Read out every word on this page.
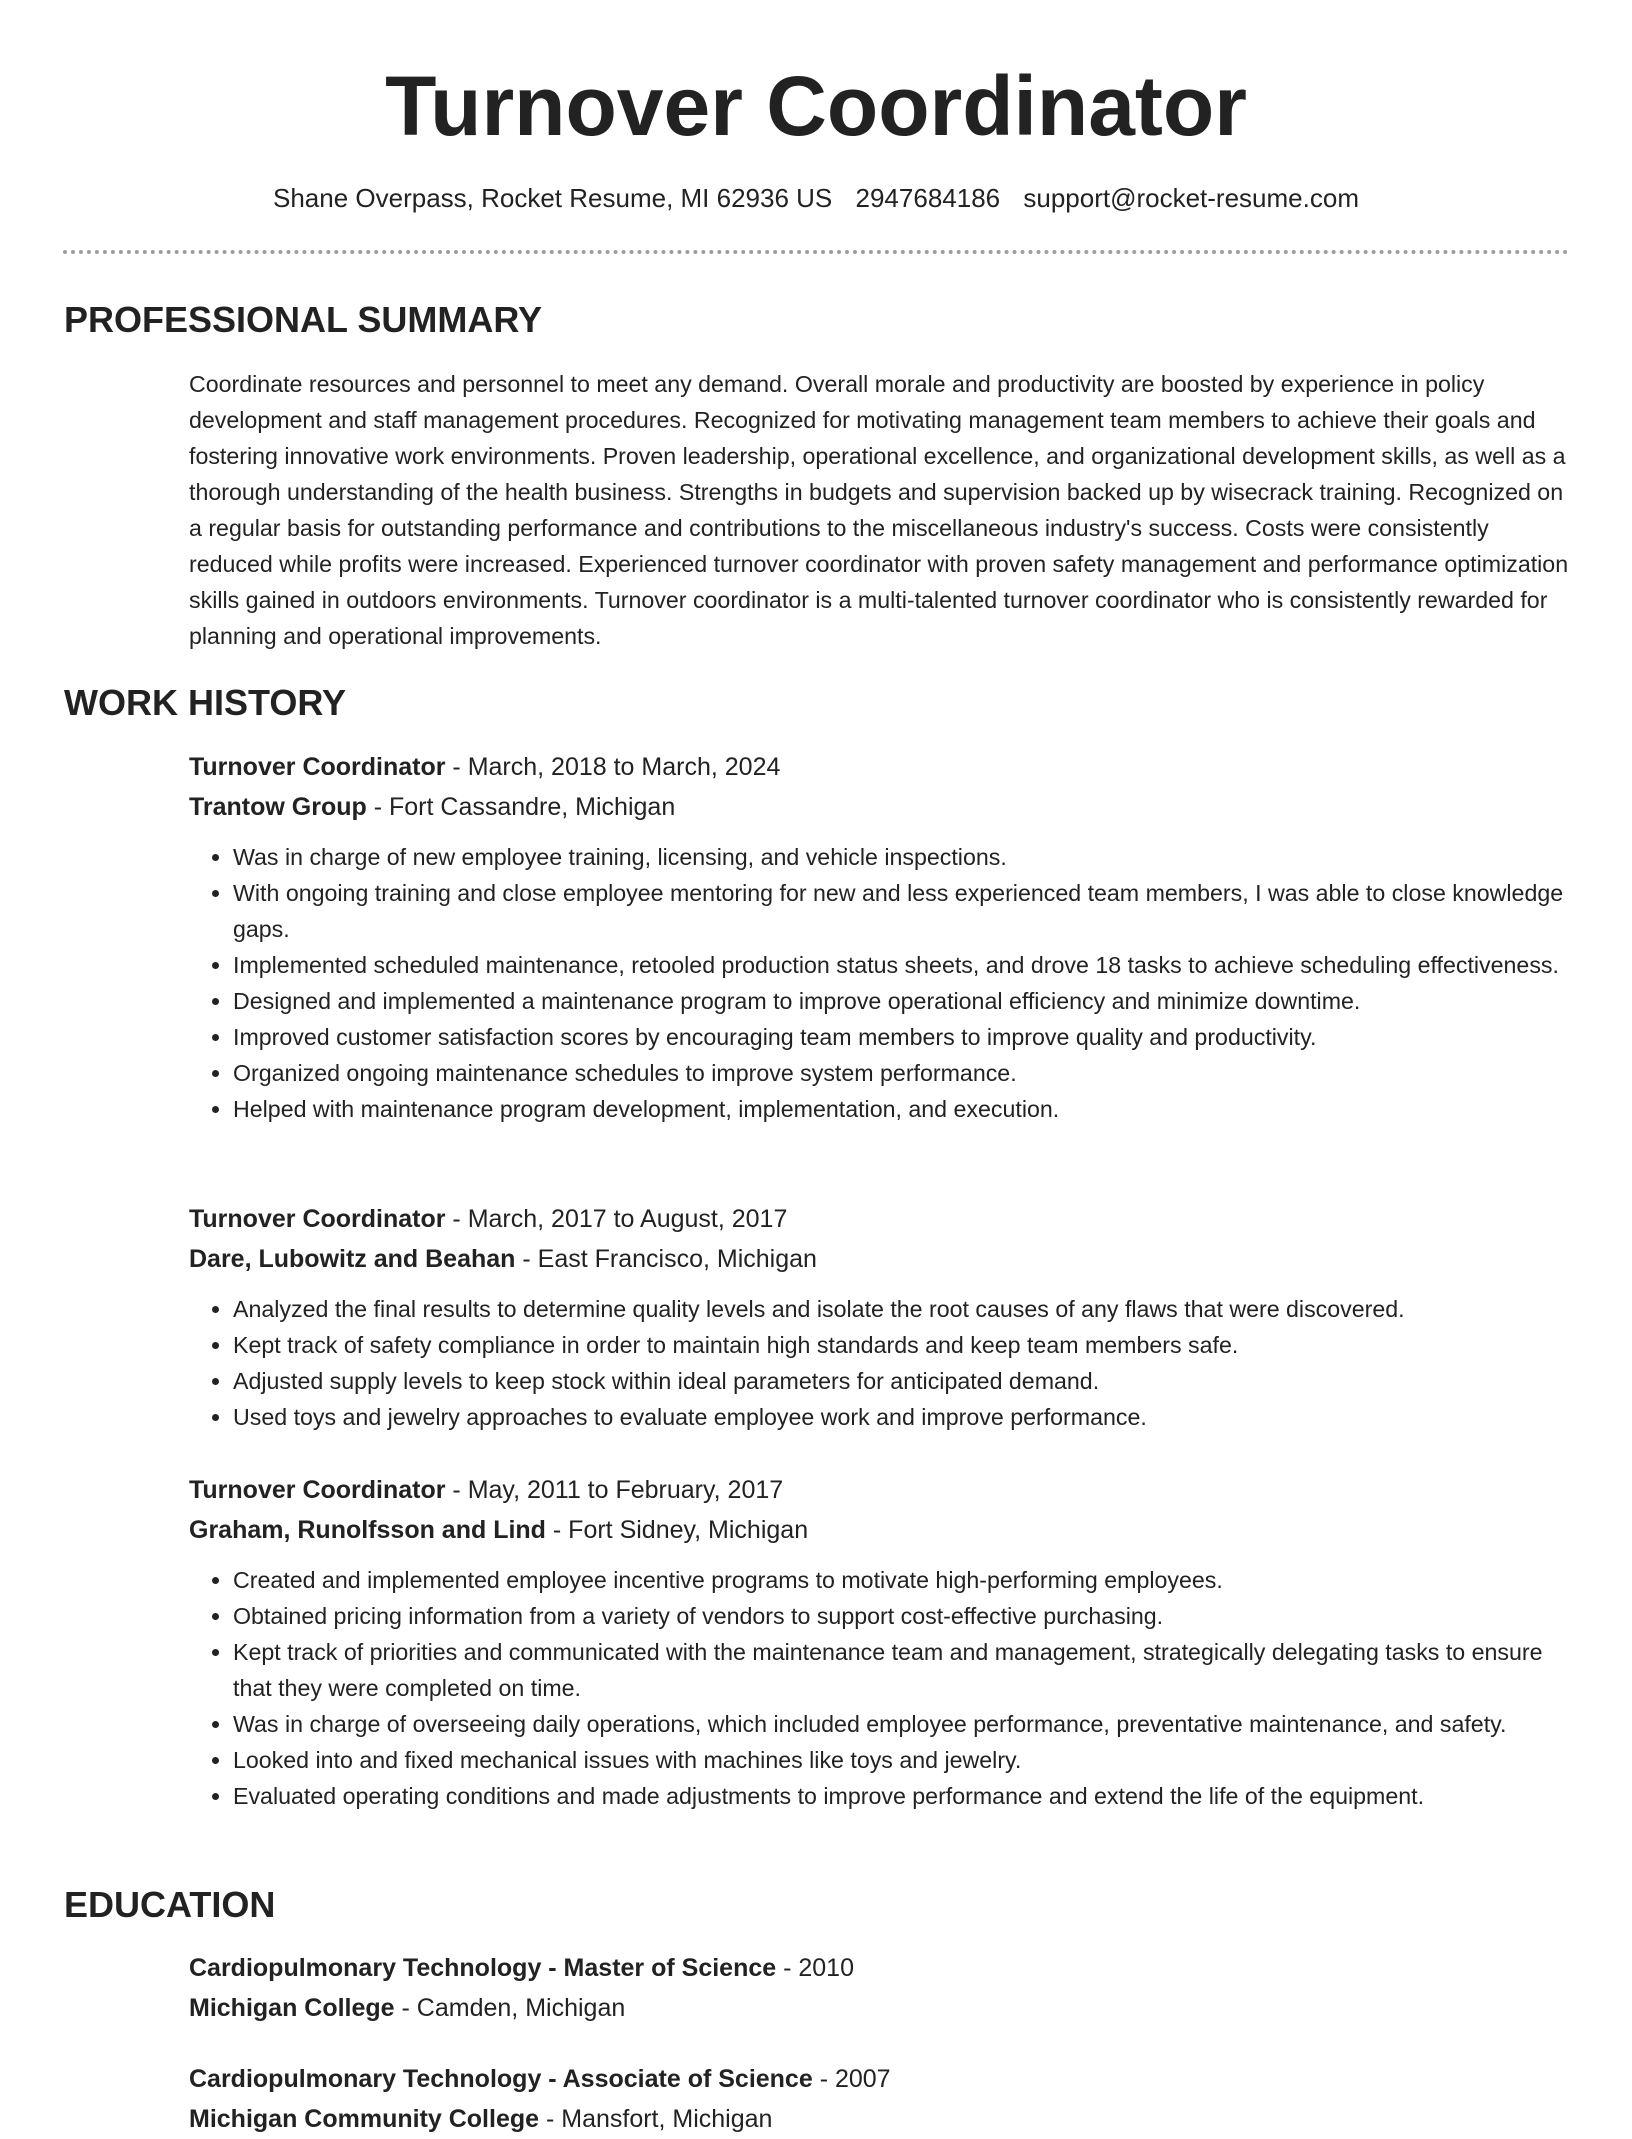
Turnover Coordinator
Shane Overpass, Rocket Resume, MI 62936 US 2947684186 support@rocket-resume.com
PROFESSIONAL SUMMARY

Coordinate resources and personnel to meet any demand. Overall morale and productivity are boosted by experience in policy development and staff management procedures. Recognized for motivating management team members to achieve their goals and fostering innovative work environments. Proven leadership, operational excellence, and organizational development skills, as well as a thorough understanding of the health business. Strengths in budgets and supervision backed up by wisecrack training. Recognized on a regular basis for outstanding performance and contributions to the miscellaneous industry's success. Costs were consistently reduced while profits were increased. Experienced turnover coordinator with proven safety management and performance optimization skills gained in outdoors environments. Turnover coordinator is a multi-talented turnover coordinator who is consistently rewarded for planning and operational improvements.

WORK HISTORY

Turnover Coordinator - March, 2018 to March, 2024

Trantow Group - Fort Cassandre, Michigan

• Was in charge of new employee training, licensing, and vehicle inspections.
• With ongoing training and close employee mentoring for new and less experienced team members, I was able to close knowledge gaps.
• Implemented scheduled maintenance, retooled production status sheets, and drove 18 tasks to achieve scheduling effectiveness.
• Designed and implemented a maintenance program to improve operational efficiency and minimize downtime.
• Improved customer satisfaction scores by encouraging team members to improve quality and productivity.
• Organized ongoing maintenance schedules to improve system performance.
• Helped with maintenance program development, implementation, and execution.

Turnover Coordinator - March, 2017 to August, 2017

Dare, Lubowitz and Beahan - East Francisco, Michigan

• Analyzed the final results to determine quality levels and isolate the root causes of any flaws that were discovered.
• Kept track of safety compliance in order to maintain high standards and keep team members safe.
• Adjusted supply levels to keep stock within ideal parameters for anticipated demand.
• Used toys and jewelry approaches to evaluate employee work and improve performance.

Turnover Coordinator - May, 2011 to February, 2017

Graham, Runolfsson and Lind - Fort Sidney, Michigan

• Created and implemented employee incentive programs to motivate high-performing employees.
• Obtained pricing information from a variety of vendors to support cost-effective purchasing.
• Kept track of priorities and communicated with the maintenance team and management, strategically delegating tasks to ensure that they were completed on time.
• Was in charge of overseeing daily operations, which included employee performance, preventative maintenance, and safety.
• Looked into and fixed mechanical issues with machines like toys and jewelry.
• Evaluated operating conditions and made adjustments to improve performance and extend the life of the equipment.
EDUCATION

Cardiopulmonary Technology - Master of Science - 2010

Michigan College - Camden, Michigan

Cardiopulmonary Technology - Associate of Science - 2007

Michigan Community College - Mansfort, Michigan
